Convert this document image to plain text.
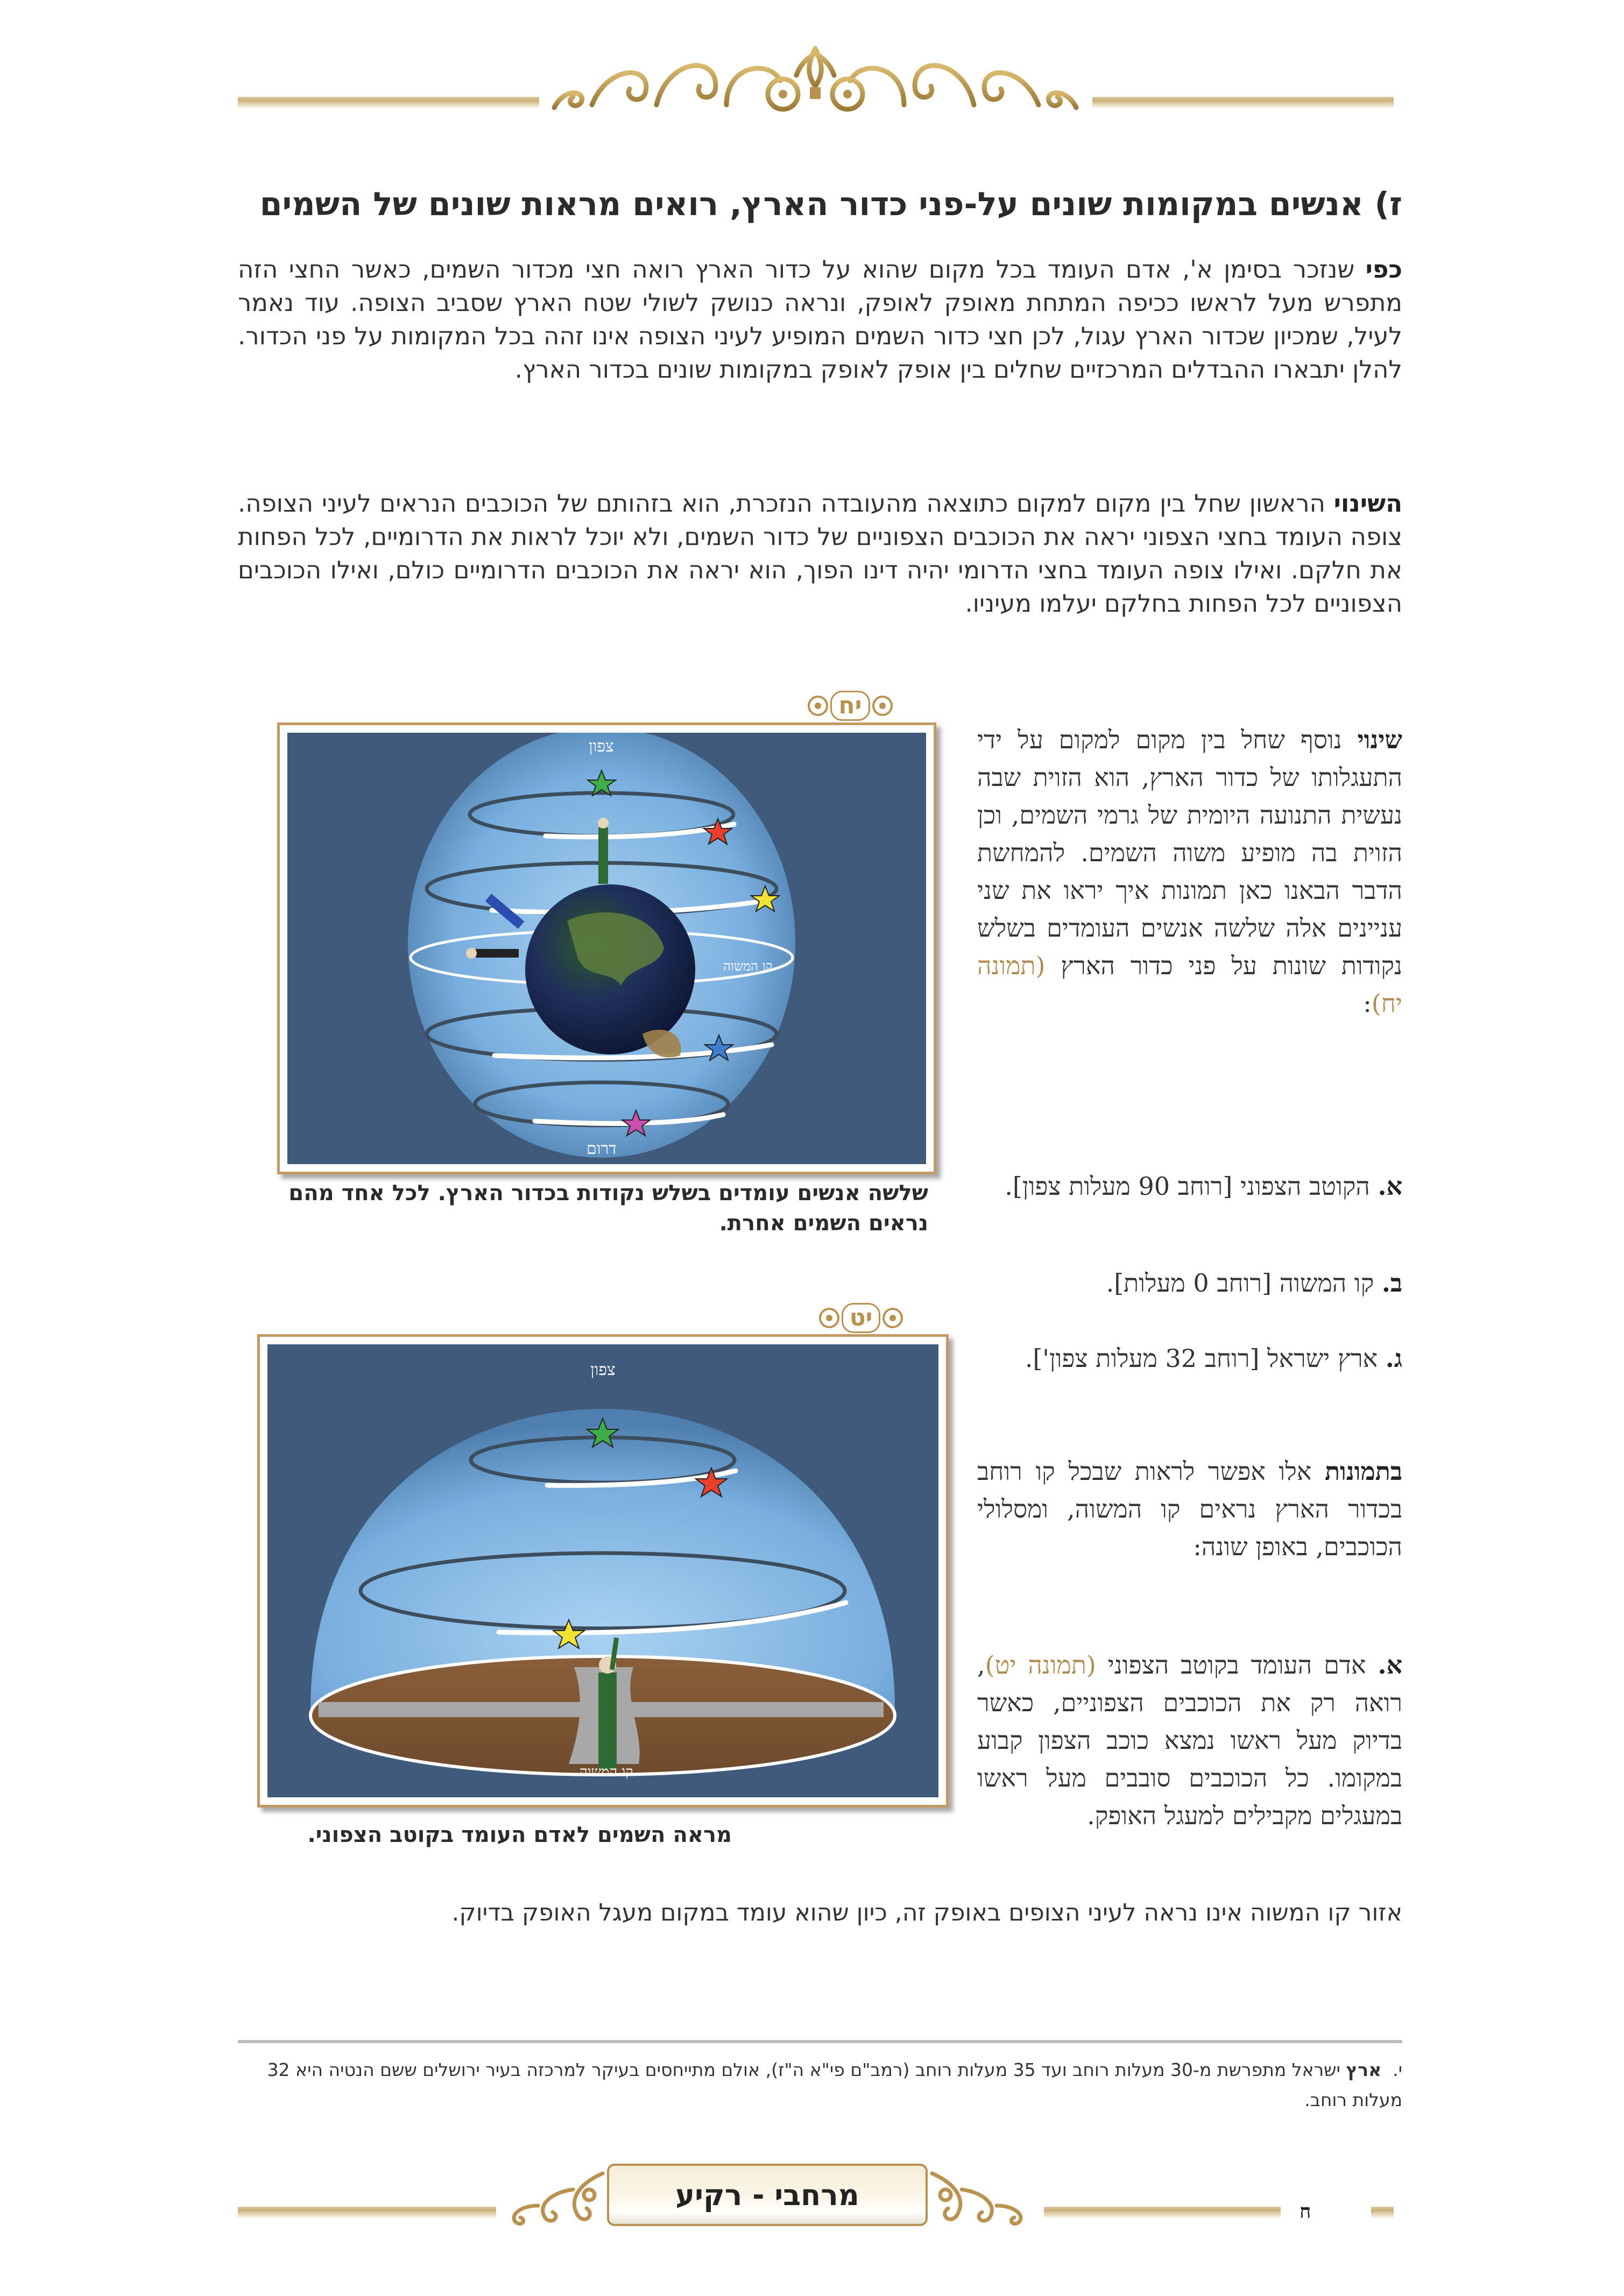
ז) אנשים במקומות שונים על-פני כדור הארץ, רואים מראות שונים של השמים
כפי שנזכר בסימן א', אדם העומד בכל מקום שהוא על כדור הארץ רואה חצי מכדור השמים, כאשר החצי הזה מתפרש מעל לראשו ככיפה המתחת מאופק לאופק, ונראה כנושק לשולי שטח הארץ שסביב הצופה. עוד נאמר לעיל, שמכיון שכדור הארץ עגול, לכן חצי כדור השמים המופיע לעיני הצופה אינו זהה בכל המקומות על פני הכדור. להלן יתבארו ההבדלים המרכזיים שחלים בין אופק לאופק במקומות שונים בכדור הארץ.
השינוי הראשון שחל בין מקום למקום כתוצאה מהעובדה הנזכרת, הוא בזהותם של הכוכבים הנראים לעיני הצופה. צופה העומד בחצי הצפוני יראה את הכוכבים הצפוניים של כדור השמים, ולא יוכל לראות את הדרומיים, לכל הפחות את חלקם. ואילו צופה העומד בחצי הדרומי יהיה דינו הפוך, הוא יראה את הכוכבים הדרומיים כולם, ואילו הכוכבים הצפוניים לכל הפחות בחלקם יעלמו מעיניו.
יח
צפון
דרום
קו המשוה
שלשה אנשים עומדים בשלש נקודות בכדור הארץ. לכל אחד מהם נראים השמים אחרת.
יט
צפון
קו המשוה
מראה השמים לאדם העומד בקוטב הצפוני.
שינוי נוסף שחל בין מקום למקום על ידי התעגלותו של כדור הארץ, הוא הזוית שבה נעשית התנועה היומית של גרמי השמים, וכן הזוית בה מופיע משוה השמים. להמחשת הדבר הבאנו כאן תמונות איך יראו את שני עניינים אלה שלשה אנשים העומדים בשלש נקודות שונות על פני כדור הארץ (תמונה יח):
א. הקוטב הצפוני [רוחב 90 מעלות צפון].
ב. קו המשוה [רוחב 0 מעלות].
ג. ארץ ישראל [רוחב 32 מעלות צפון'].
בתמונות אלו אפשר לראות שבכל קו רוחב בכדור הארץ נראים קו המשוה, ומסלולי הכוכבים, באופן שונה:
א. אדם העומד בקוטב הצפוני (תמונה יט), רואה רק את הכוכבים הצפוניים, כאשר בדיוק מעל ראשו נמצא כוכב הצפון קבוע במקומו. כל הכוכבים סובבים מעל ראשו במעגלים מקבילים למעגל האופק.
אזור קו המשוה אינו נראה לעיני הצופים באופק זה, כיון שהוא עומד במקום מעגל האופק בדיוק.
י.  ארץ ישראל מתפרשת מ-30 מעלות רוחב ועד 35 מעלות רוחב (רמב"ם פי"א ה"ז), אולם מתייחסים בעיקר למרכזה בעיר ירושלים ששם הנטיה היא 32 מעלות רוחב.
מרחבי - רקיע	ח
